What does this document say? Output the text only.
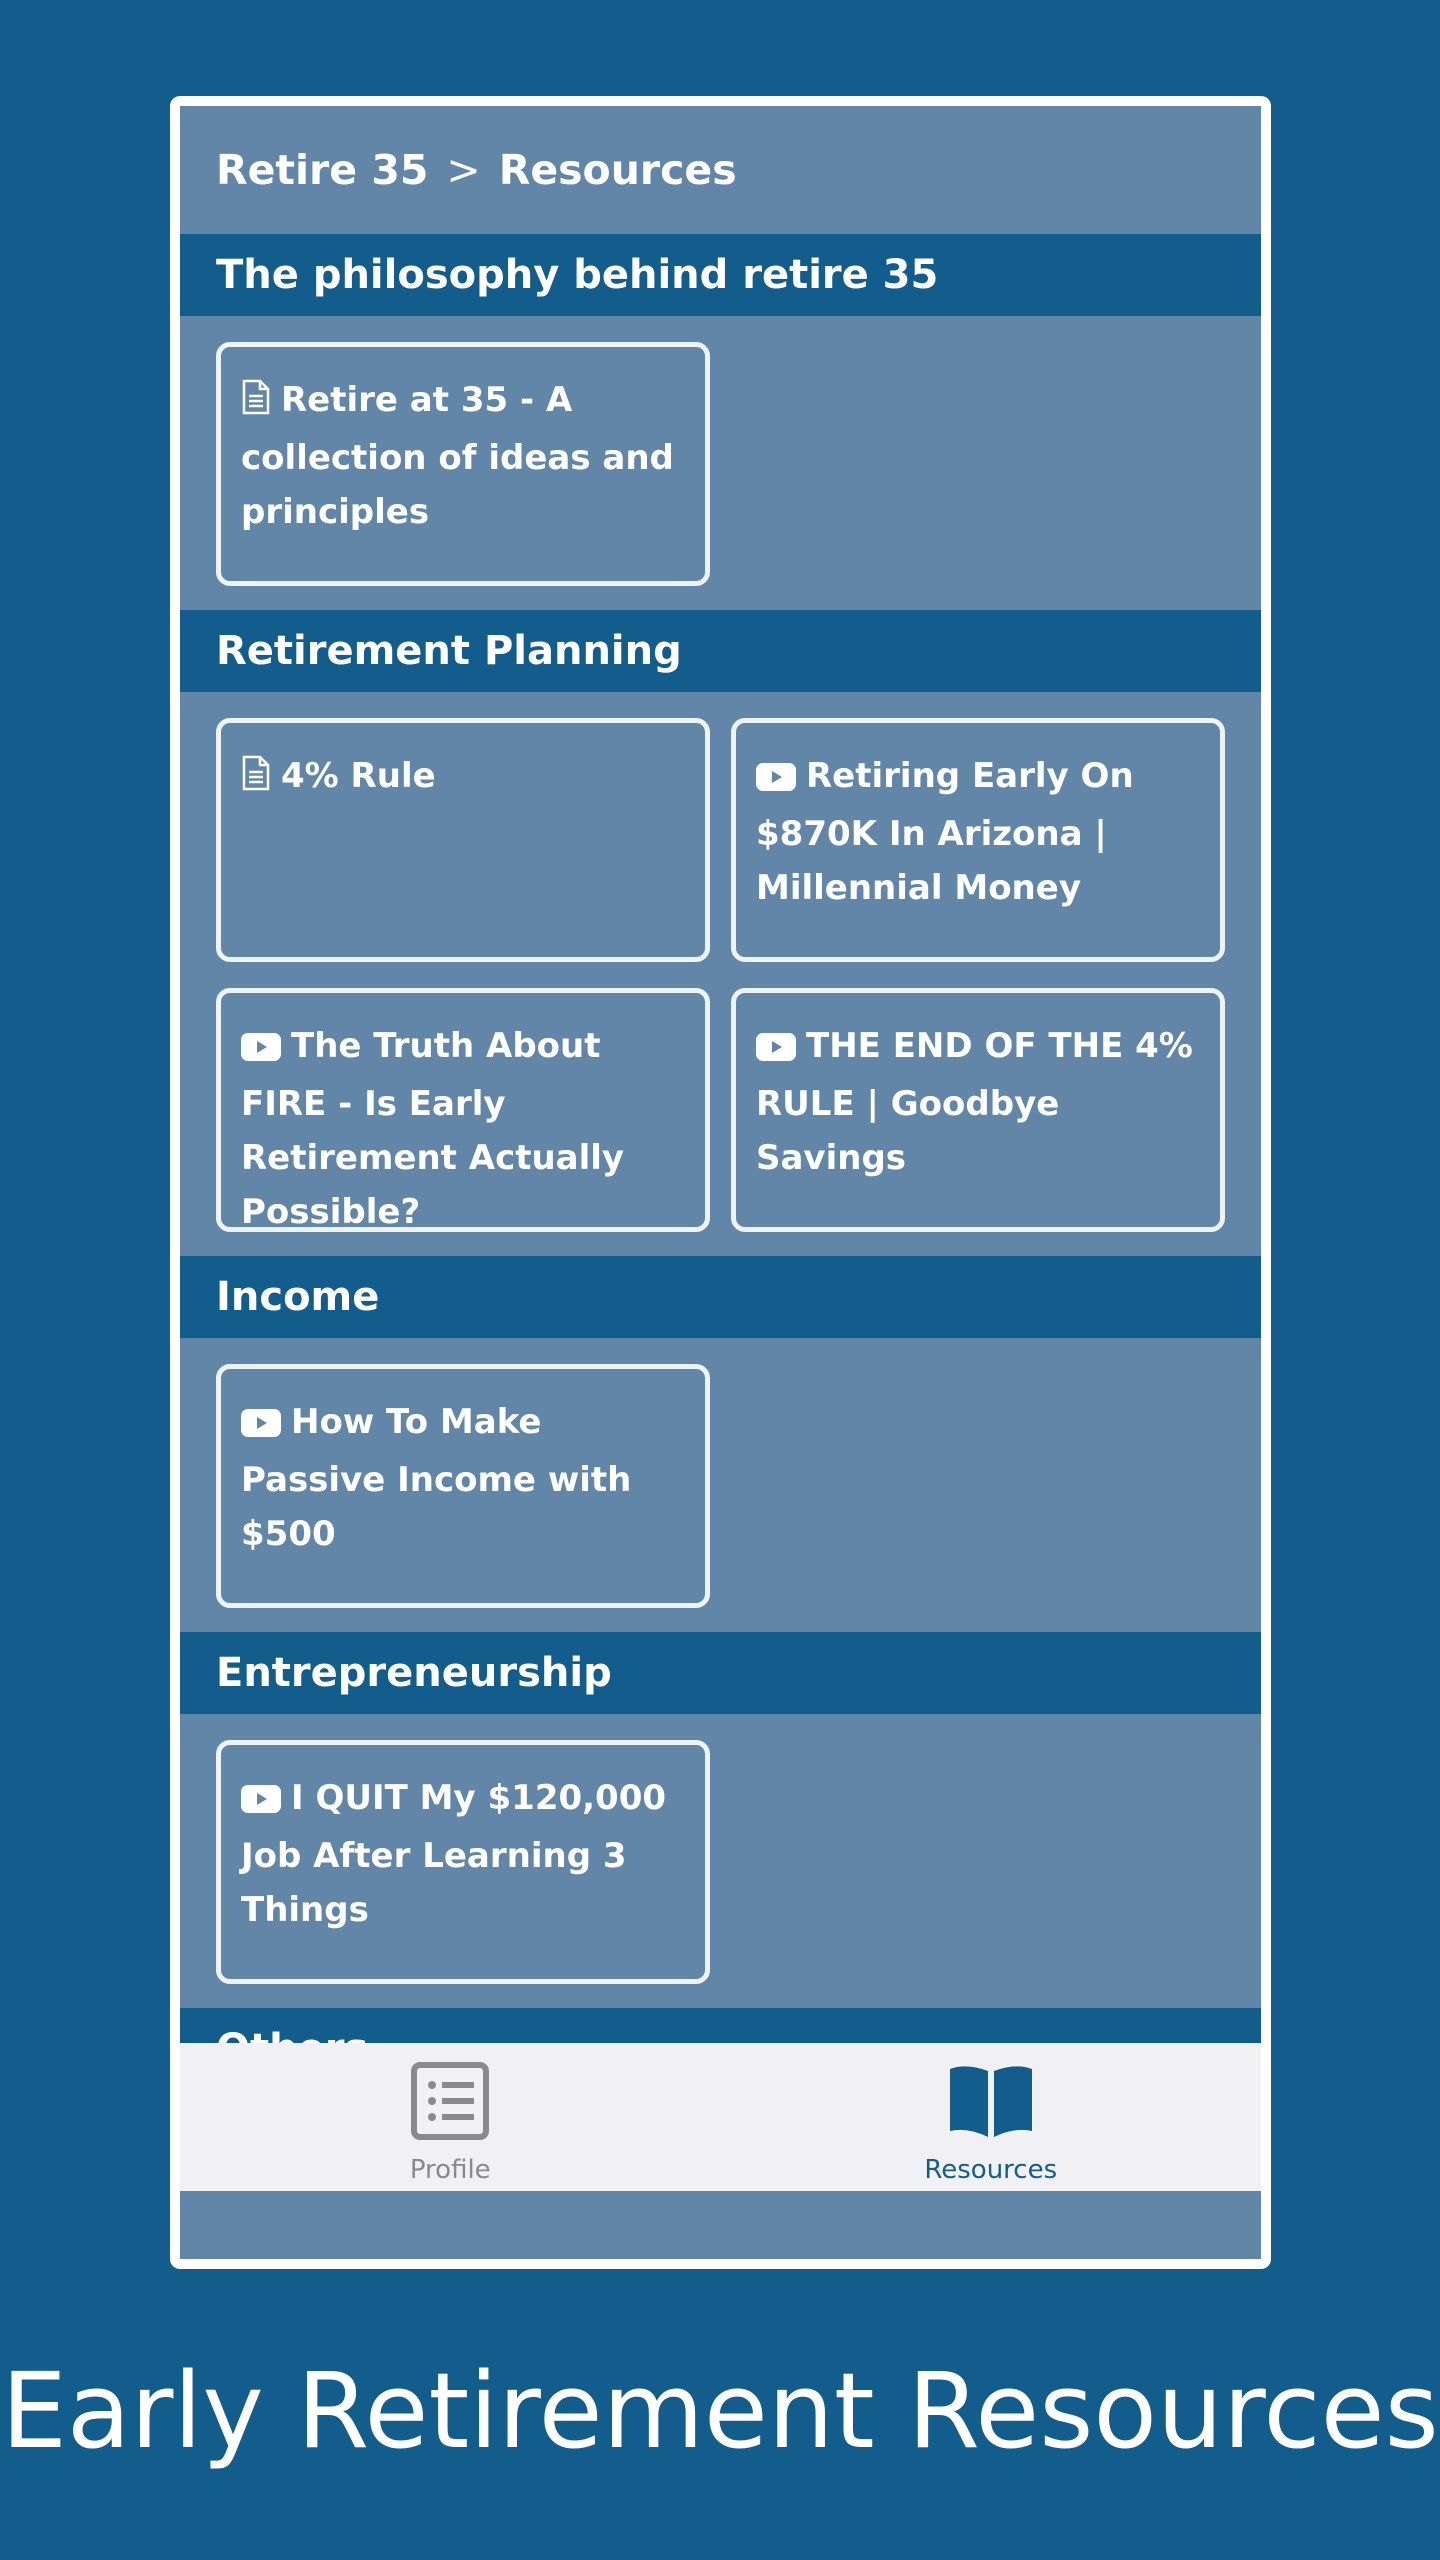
Retire 35 > Resources
The philosophy behind retire 35
Retire at 35 - A collection of ideas and principles
Retirement Planning
4% Rule	Retiring Early On $870K In Arizona | Millennial Money
The Truth About FIRE - Is Early Retirement Actually Possible?
THE END OF THE 4% RULE | Goodbye Savings
Income
How To Make Passive Income with $500
Entrepreneurship
I QUIT My $120,000 Job After Learning 3 Things
Profile	Resources
Early Retirement Resources
